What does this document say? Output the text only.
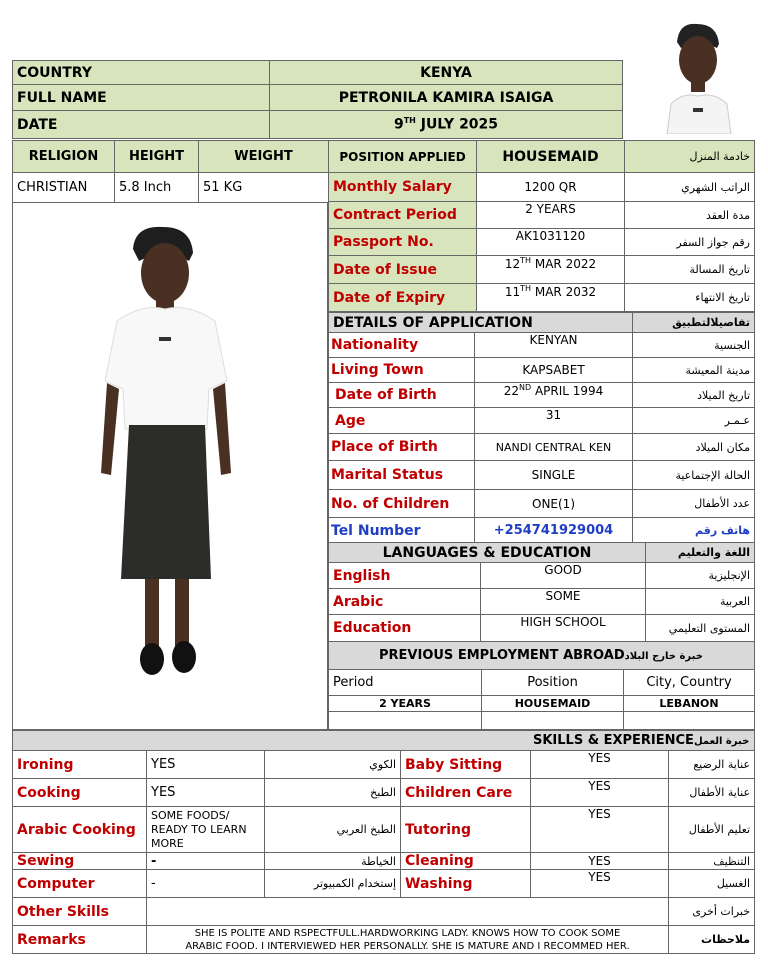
COUNTRY	KENYA
FULL NAME	PETRONILA KAMIRA ISAIGA
DATE	9TH JULY 2025
RELIGION	HEIGHT	WEIGHT
CHRISTIAN	5.8 Inch	51 KG
POSITION APPLIED	HOUSEMAID	خادمة المنزل
Monthly Salary	1200 QR	الراتب الشهري
Contract Period	2 YEARS	مدة العقد
Passport No.	AK1031120	رقم جواز السفر
Date of Issue	12TH MAR 2022	تاريخ المسالة
Date of Expiry	11TH MAR 2032	تاريخ الانتهاء
DETAILS OF APPLICATION		تفاصيلالتطبيق
Nationality	KENYAN	الجنسية
Living Town	KAPSABET	مدينة المعيشة
Date of Birth	22ND APRIL 1994	تاريخ الميلاد
Age	31	عـمـر
Place of Birth	NANDI CENTRAL KEN	مكان الميلاد
Marital Status	SINGLE	الحالة الإجتماعية
No. of Children	ONE(1)	عدد الأطفال
Tel Number	+254741929004	هاتف رقم
LANGUAGES & EDUCATION		اللغة والتعليم
English	GOOD	الإنجليزية
Arabic	SOME	العربية
Education	HIGH SCHOOL	المستوى التعليمي
PREVIOUS EMPLOYMENT ABROADخبرة خارج البلاد		
Period	Position	City, Country
2 YEARS	HOUSEMAID	LEBANON

SKILLS & EXPERIENCEخبرة العمل					
Ironing	YES	الكوي	Baby Sitting	YES	عناية الرضيع
Cooking	YES	الطبخ	Children Care	YES	عناية الأطفال
Arabic Cooking	SOME FOODS/
READY TO LEARN
MORE	الطبخ العربي	Tutoring	YES	تعليم الأطفال
Sewing	-	الخياطة	Cleaning	YES	التنظيف
Computer	-	إستخدام الكمبيوتر	Washing	YES	الغسيل
Other Skills					خبرات أخرى
Remarks	SHE IS POLITE AND RSPECTFULL.HARDWORKING LADY. KNOWS HOW TO COOK SOME
ARABIC FOOD. I INTERVIEWED HER PERSONALLY. SHE IS MATURE AND I RECOMMED HER.				ملاحظات
